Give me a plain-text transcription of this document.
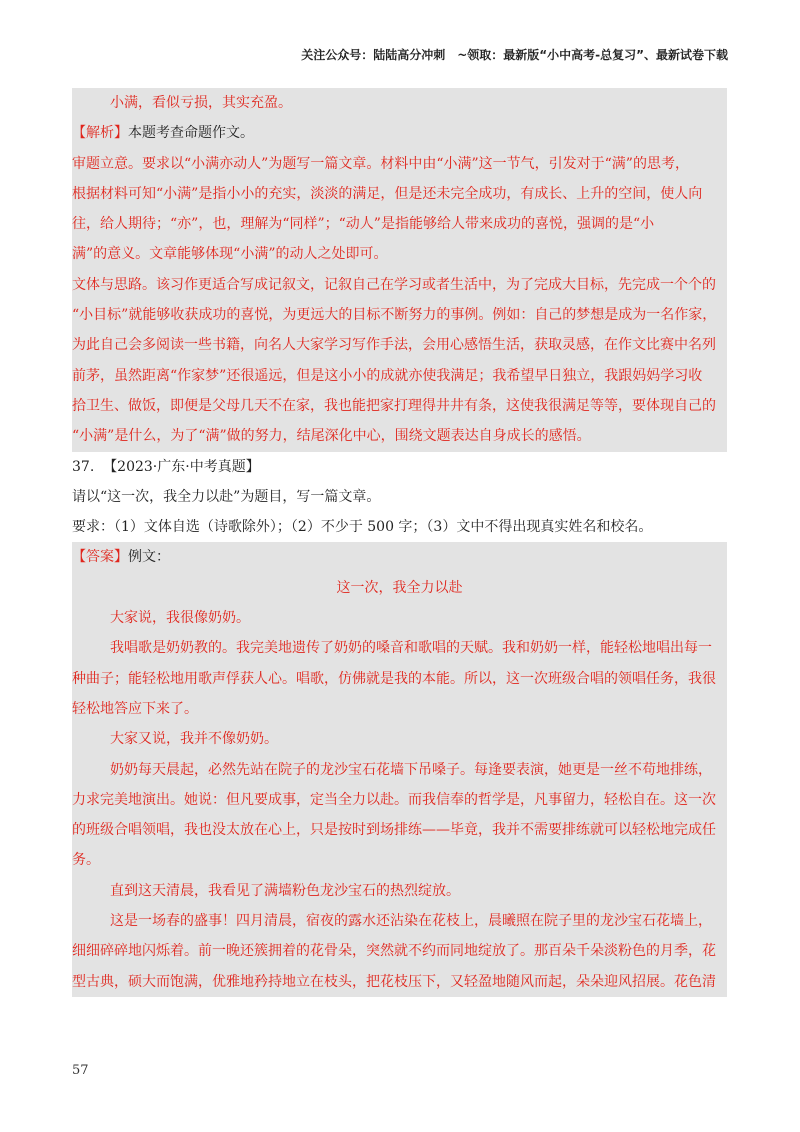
关注公众号：陆陆高分冲刺　~领取：最新版“小中高考-总复习”、最新试卷下载
小满，看似亏损，其实充盈。
【解析】本题考查命题作文。
审题立意。要求以“小满亦动人”为题写一篇文章。材料中由“小满”这一节气，引发对于“满”的思考，
根据材料可知“小满”是指小小的充实，淡淡的满足，但是还未完全成功，有成长、上升的空间，使人向
往，给人期待；“亦”，也，理解为“同样”；“动人”是指能够给人带来成功的喜悦，强调的是“小
满”的意义。文章能够体现“小满”的动人之处即可。
文体与思路。该习作更适合写成记叙文，记叙自己在学习或者生活中，为了完成大目标，先完成一个个的
“小目标”就能够收获成功的喜悦，为更远大的目标不断努力的事例。例如：自己的梦想是成为一名作家，
为此自己会多阅读一些书籍，向名人大家学习写作手法，会用心感悟生活，获取灵感，在作文比赛中名列
前茅，虽然距离“作家梦”还很遥远，但是这小小的成就亦使我满足；我希望早日独立，我跟妈妈学习收
拾卫生、做饭，即便是父母几天不在家，我也能把家打理得井井有条，这使我很满足等等，要体现自己的
“小满”是什么，为了“满”做的努力，结尾深化中心，围绕文题表达自身成长的感悟。
37. 【2023·广东·中考真题】
请以“这一次，我全力以赴”为题目，写一篇文章。
要求：（1）文体自选（诗歌除外）；（2）不少于 500 字；（3）文中不得出现真实姓名和校名。
【答案】例文：
这一次，我全力以赴
大家说，我很像奶奶。
我唱歌是奶奶教的。我完美地遗传了奶奶的嗓音和歌唱的天赋。我和奶奶一样，能轻松地唱出每一
种曲子；能轻松地用歌声俘获人心。唱歌，仿佛就是我的本能。所以，这一次班级合唱的领唱任务，我很
轻松地答应下来了。
大家又说，我并不像奶奶。
奶奶每天晨起，必然先站在院子的龙沙宝石花墙下吊嗓子。每逢要表演，她更是一丝不苟地排练，
力求完美地演出。她说：但凡要成事，定当全力以赴。而我信奉的哲学是，凡事留力，轻松自在。这一次
的班级合唱领唱，我也没太放在心上，只是按时到场排练——毕竟，我并不需要排练就可以轻松地完成任
务。
直到这天清晨，我看见了满墙粉色龙沙宝石的热烈绽放。
这是一场春的盛事！四月清晨，宿夜的露水还沾染在花枝上，晨曦照在院子里的龙沙宝石花墙上，
细细碎碎地闪烁着。前一晚还簇拥着的花骨朵，突然就不约而同地绽放了。那百朵千朵淡粉色的月季，花
型古典，硕大而饱满，优雅地矜持地立在枝头，把花枝压下，又轻盈地随风而起，朵朵迎风招展。花色清
57
